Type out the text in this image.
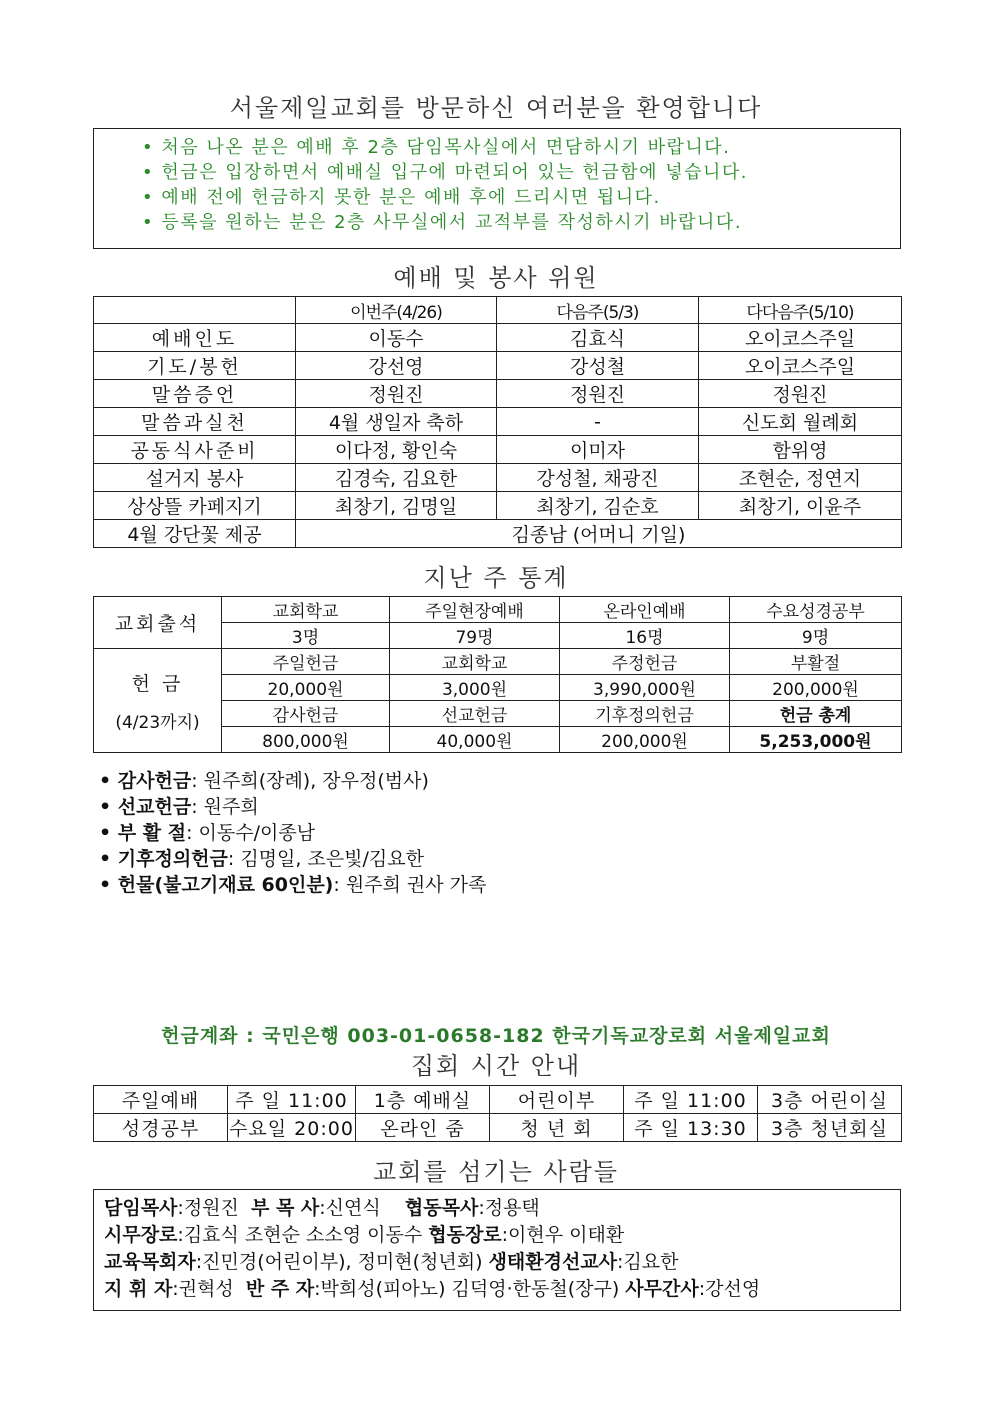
서울제일교회를 방문하신 여러분을 환영합니다
• 처음 나온 분은 예배 후 2층 담임목사실에서 면담하시기 바랍니다.
• 헌금은 입장하면서 예배실 입구에 마련되어 있는 헌금함에 넣습니다.
• 예배 전에 헌금하지 못한 분은 예배 후에 드리시면 됩니다.
• 등록을 원하는 분은 2층 사무실에서 교적부를 작성하시기 바랍니다.
예배 및 봉사 위원
	이번주(4/26)	다음주(5/3)	다다음주(5/10)
예배인도	이동수	김효식	오이코스주일
기도/봉헌	강선영	강성철	오이코스주일
말씀증언	정원진	정원진	정원진
말씀과실천	4월 생일자 축하	-	신도회 월례회
공동식사준비	이다정, 황인숙	이미자	함위영
설거지 봉사	김경숙, 김요한	강성철, 채광진	조현순, 정연지
상상뜰 카페지기	최창기, 김명일	최창기, 김순호	최창기, 이윤주
4월 강단꽃 제공	김종남 (어머니 기일)		
지난 주 통계
교회출석	교회학교	주일현장예배	온라인예배	수요성경공부
	3명	79명	16명	9명

헌 금
(4/23까지)	주일헌금	교회학교	주정헌금	부활절
	20,000원	3,000원	3,990,000원	200,000원
	감사헌금	선교헌금	기후정의헌금	헌금 총계
	800,000원	40,000원	200,000원	5,253,000원
• 감사헌금: 원주희(장례), 장우정(범사)
• 선교헌금: 원주희
• 부 활 절: 이동수/이종남
• 기후정의헌금: 김명일, 조은빛/김요한
• 헌물(불고기재료 60인분): 원주희 권사 가족
헌금계좌 : 국민은행 003-01-0658-182 한국기독교장로회 서울제일교회
집회 시간 안내
주일예배	주 일 11:00	1층 예배실	어린이부	주 일 11:00	3층 어린이실
성경공부	수요일 20:00	온라인 줌	청 년 회	주 일 13:30	3층 청년회실
교회를 섬기는 사람들
담임목사:정원진  부 목 사:신연식    협동목사:정용택
시무장로:김효식 조현순 소소영 이동수 협동장로:이현우 이태환
교육목회자:진민경(어린이부), 정미현(청년회) 생태환경선교사:김요한
지 휘 자:권혁성  반 주 자:박희성(피아노) 김덕영·한동철(장구) 사무간사:강선영
